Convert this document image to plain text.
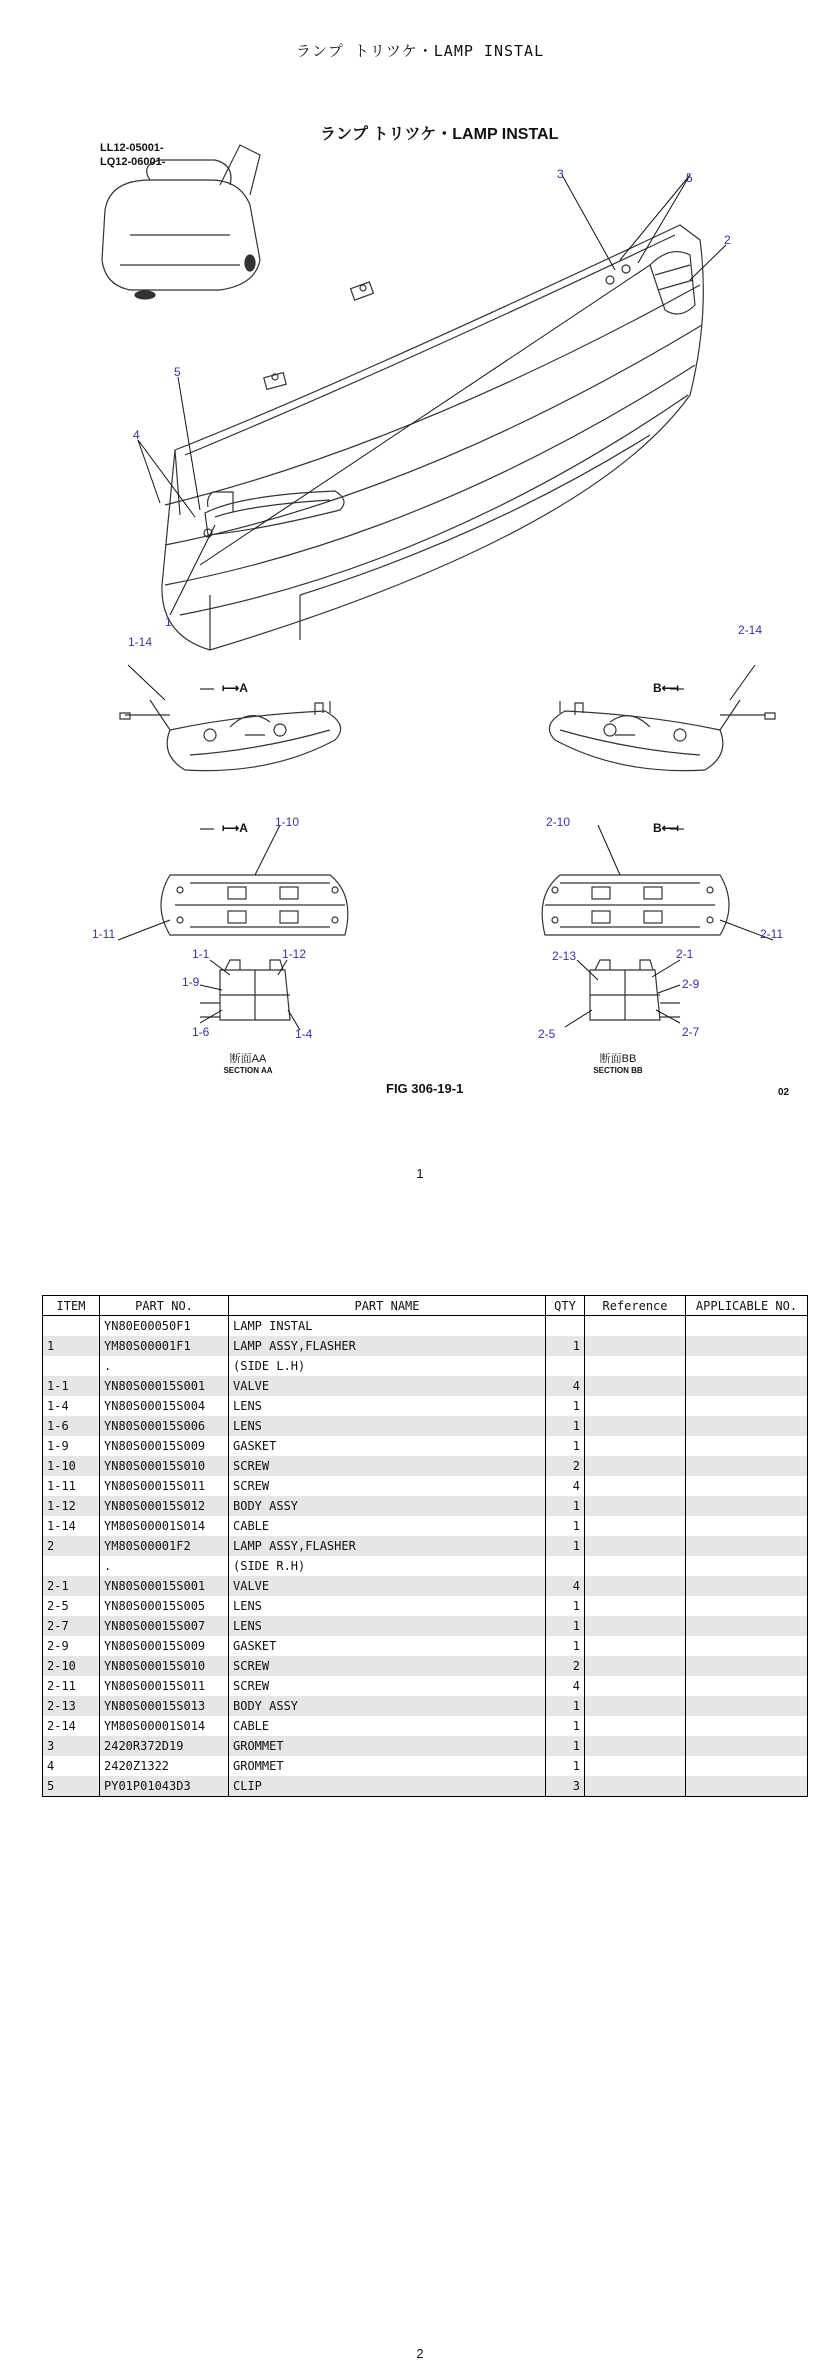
ランプ トリツケ・LAMP INSTAL
LL12-05001-
LQ12-06001-
ランプ トリツケ・LAMP INSTAL
3	5
2
5
4
1
1-14
2-14
⟼A
⟼A
B⟻
B⟻
1-10	2-10
1-11	2-11
1-1	1-12
1-9
1-6	1-4
2-13	2-1
2-9
2-5	2-7
断面AA
SECTION AA
断面BB
SECTION BB
FIG 306-19-1	02
1
ITEM	PART NO.	PART NAME	QTY	Reference	APPLICABLE NO.
	YN80E00050F1	LAMP INSTAL			
1	YM80S00001F1	LAMP ASSY,FLASHER	1		
	.	(SIDE L.H)			
1-1	YN80S00015S001	VALVE	4		
1-4	YN80S00015S004	LENS	1		
1-6	YN80S00015S006	LENS	1		
1-9	YN80S00015S009	GASKET	1		
1-10	YN80S00015S010	SCREW	2		
1-11	YN80S00015S011	SCREW	4		
1-12	YN80S00015S012	BODY ASSY	1		
1-14	YM80S00001S014	CABLE	1		
2	YM80S00001F2	LAMP ASSY,FLASHER	1		
	.	(SIDE R.H)			
2-1	YN80S00015S001	VALVE	4		
2-5	YN80S00015S005	LENS	1		
2-7	YN80S00015S007	LENS	1		
2-9	YN80S00015S009	GASKET	1		
2-10	YN80S00015S010	SCREW	2		
2-11	YN80S00015S011	SCREW	4		
2-13	YN80S00015S013	BODY ASSY	1		
2-14	YM80S00001S014	CABLE	1		
3	2420R372D19	GROMMET	1		
4	2420Z1322	GROMMET	1		
5	PY01P01043D3	CLIP	3		
2
